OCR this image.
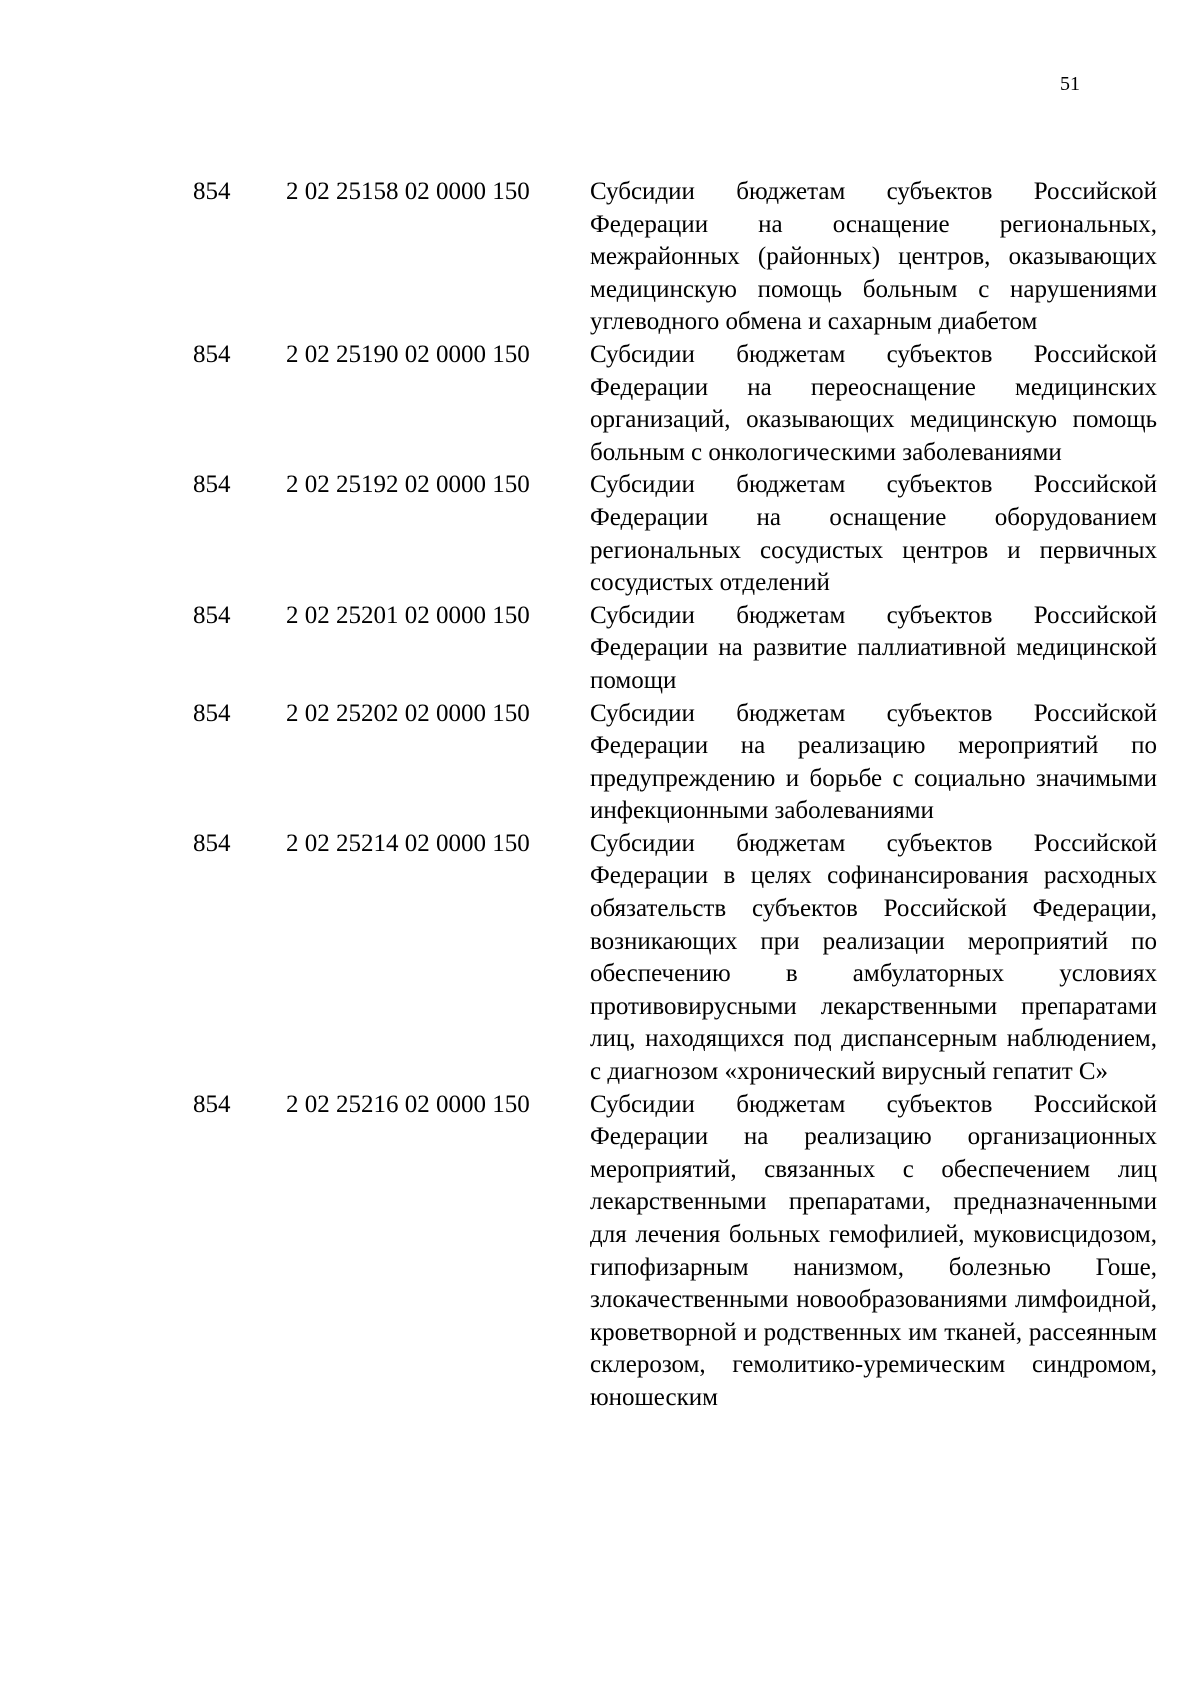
51
854 2 02 25158 02 0000 150 Субсидии бюджетам субъектов Российской Федерации на оснащение региональных, межрайонных (районных) центров, оказывающих медицинскую помощь больным с нарушениями углеводного обмена и сахарным диабетом
854 2 02 25190 02 0000 150 Субсидии бюджетам субъектов Российской Федерации на переоснащение медицинских организаций, оказывающих медицинскую помощь больным с онкологическими заболеваниями
854 2 02 25192 02 0000 150 Субсидии бюджетам субъектов Российской Федерации на оснащение оборудованием региональных сосудистых центров и первичных сосудистых отделений
854 2 02 25201 02 0000 150 Субсидии бюджетам субъектов Российской Федерации на развитие паллиативной медицинской помощи
854 2 02 25202 02 0000 150 Субсидии бюджетам субъектов Российской Федерации на реализацию мероприятий по предупреждению и борьбе с социально значимыми инфекционными заболеваниями
854 2 02 25214 02 0000 150 Субсидии бюджетам субъектов Российской Федерации в целях софинансирования расходных обязательств субъектов Российской Федерации, возникающих при реализации мероприятий по обеспечению в амбулаторных условиях противовирусными лекарственными препаратами лиц, находящихся под диспансерным наблюдением, с диагнозом «хронический вирусный гепатит С»
854 2 02 25216 02 0000 150 Субсидии бюджетам субъектов Российской Федерации на реализацию организационных мероприятий, связанных с обеспечением лиц лекарственными препаратами, предназначенными для лечения больных гемофилией, муковисцидозом, гипофизарным нанизмом, болезнью Гоше, злокачественными новообразованиями лимфоидной, кроветворной и родственных им тканей, рассеянным склерозом, гемолитико-уремическим синдромом, юношеским
